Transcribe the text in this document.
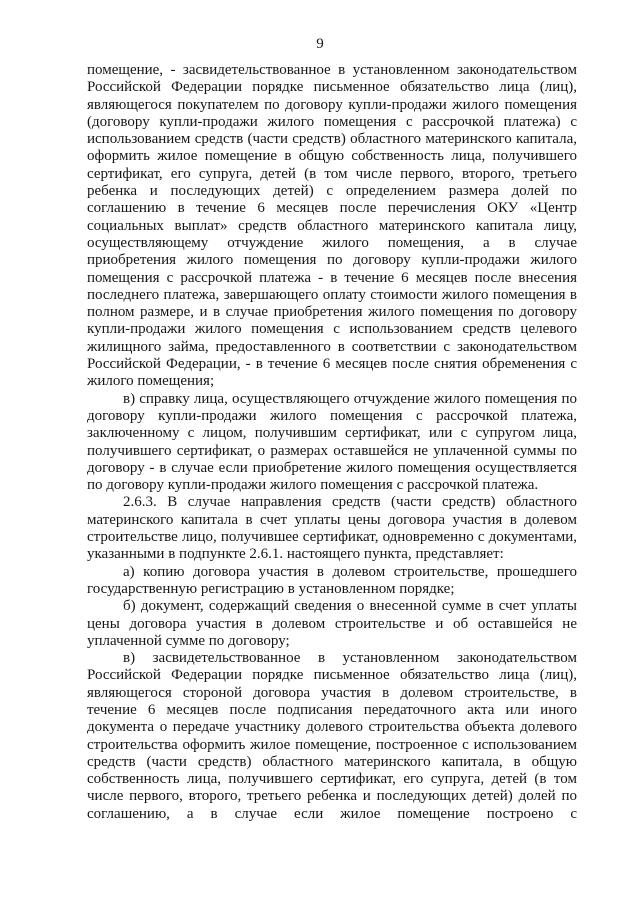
9

помещение, - засвидетельствованное в установленном законодательством Российской Федерации порядке письменное обязательство лица (лиц), являющегося покупателем по договору купли-продажи жилого помещения (договору купли-продажи жилого помещения с рассрочкой платежа) с использованием средств (части средств) областного материнского капитала, оформить жилое помещение в общую собственность лица, получившего сертификат, его супруга, детей (в том числе первого, второго, третьего ребенка и последующих детей) с определением размера долей по соглашению в течение 6 месяцев после перечисления ОКУ «Центр социальных выплат» средств областного материнского капитала лицу, осуществляющему отчуждение жилого помещения, а в случае приобретения жилого помещения по договору купли-продажи жилого помещения с рассрочкой платежа - в течение 6 месяцев после внесения последнего платежа, завершающего оплату стоимости жилого помещения в полном размере, и в случае приобретения жилого помещения по договору купли-продажи жилого помещения с использованием средств целевого жилищного займа, предоставленного в соответствии с законодательством Российской Федерации, - в течение 6 месяцев после снятия обременения с жилого помещения;

в) справку лица, осуществляющего отчуждение жилого помещения по договору купли-продажи жилого помещения с рассрочкой платежа, заключенному с лицом, получившим сертификат, или с супругом лица, получившего сертификат, о размерах оставшейся не уплаченной суммы по договору - в случае если приобретение жилого помещения осуществляется по договору купли-продажи жилого помещения с рассрочкой платежа.

2.6.3. В случае направления средств (части средств) областного материнского капитала в счет уплаты цены договора участия в долевом строительстве лицо, получившее сертификат, одновременно с документами, указанными в подпункте 2.6.1. настоящего пункта, представляет:

а) копию договора участия в долевом строительстве, прошедшего государственную регистрацию в установленном порядке;

б) документ, содержащий сведения о внесенной сумме в счет уплаты цены договора участия в долевом строительстве и об оставшейся не уплаченной сумме по договору;

в) засвидетельствованное в установленном законодательством Российской Федерации порядке письменное обязательство лица (лиц), являющегося стороной договора участия в долевом строительстве, в течение 6 месяцев после подписания передаточного акта или иного документа о передаче участнику долевого строительства объекта долевого строительства оформить жилое помещение, построенное с использованием средств (части средств) областного материнского капитала, в общую собственность лица, получившего сертификат, его супруга, детей (в том числе первого, второго, третьего ребенка и последующих детей) долей по соглашению, а в случае если жилое помещение построено с
